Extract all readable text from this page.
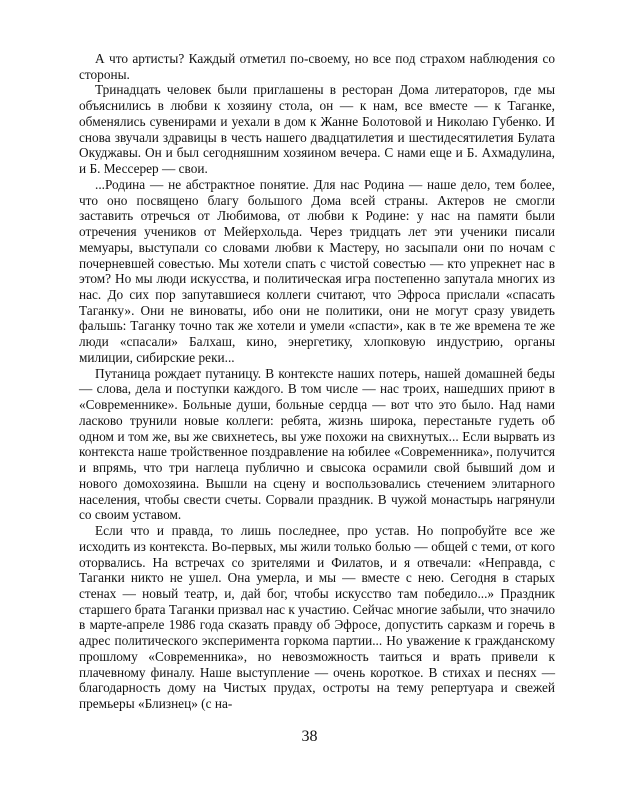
А что артисты? Каждый отметил по-своему, но все под страхом наблюдения со стороны.

Тринадцать человек были приглашены в ресторан Дома литераторов, где мы объяснились в любви к хозяину стола, он — к нам, все вместе — к Таганке, обменялись сувенирами и уехали в дом к Жанне Болотовой и Николаю Губенко. И снова звучали здравицы в честь нашего двадцатилетия и шестидесятилетия Булата Окуджавы. Он и был сегодняшним хозяином вечера. С нами еще и Б. Ахмадулина, и Б. Мессерер — свои.

...Родина — не абстрактное понятие. Для нас Родина — наше дело, тем более, что оно посвящено благу большого Дома всей страны. Актеров не смогли заставить отречься от Любимова, от любви к Родине: у нас на памяти были отречения учеников от Мейерхольда. Через тридцать лет эти ученики писали мемуары, выступали со словами любви к Мастеру, но засыпали они по ночам с почерневшей совестью. Мы хотели спать с чистой совестью — кто упрекнет нас в этом? Но мы люди искусства, и политическая игра постепенно запутала многих из нас. До сих пор запутавшиеся коллеги считают, что Эфроса прислали «спасать Таганку». Они не виноваты, ибо они не политики, они не могут сразу увидеть фальшь: Таганку точно так же хотели и умели «спасти», как в те же времена те же люди «спасали» Балхаш, кино, энергетику, хлопковую индустрию, органы милиции, сибирские реки...

Путаница рождает путаницу. В контексте наших потерь, нашей домашней беды — слова, дела и поступки каждого. В том числе — нас троих, нашедших приют в «Современнике». Больные души, больные сердца — вот что это было. Над нами ласково трунили новые коллеги: ребята, жизнь широка, перестаньте гудеть об одном и том же, вы же свихнетесь, вы уже похожи на свихнутых... Если вырвать из контекста наше тройственное поздравление на юбилее «Современника», получится и впрямь, что три наглеца публично и свысока осрамили свой бывший дом и нового домохозяина. Вышли на сцену и воспользовались стечением элитарного населения, чтобы свести счеты. Сорвали праздник. В чужой монастырь нагрянули со своим уставом.

Если что и правда, то лишь последнее, про устав. Но попробуйте все же исходить из контекста. Во-первых, мы жили только болью — общей с теми, от кого оторвались. На встречах со зрителями и Филатов, и я отвечали: «Неправда, с Таганки никто не ушел. Она умерла, и мы — вместе с нею. Сегодня в старых стенах — новый театр, и, дай бог, чтобы искусство там победило...» Праздник старшего брата Таганки призвал нас к участию. Сейчас многие забыли, что значило в марте-апреле 1986 года сказать правду об Эфросе, допустить сарказм и горечь в адрес политического эксперимента горкома партии... Но уважение к гражданскому прошлому «Современника», но невозможность таиться и врать привели к плачевному финалу. Наше выступление — очень короткое. В стихах и песнях — благодарность дому на Чистых прудах, остроты на тему репертуара и свежей премьеры «Близнец» (с на-

38
